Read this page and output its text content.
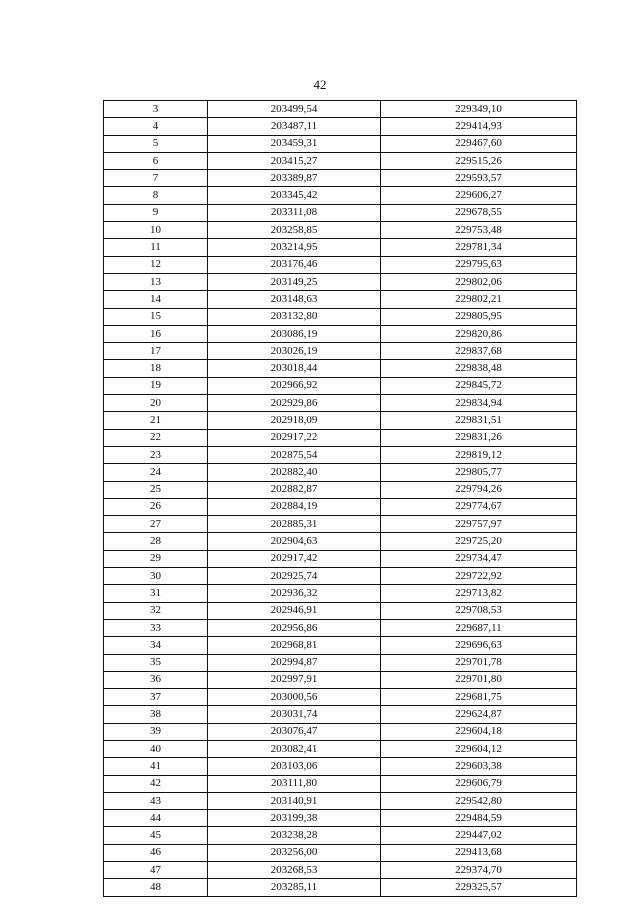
42
3	203499,54	229349,10
4	203487,11	229414,93
5	203459,31	229467,60
6	203415,27	229515,26
7	203389,87	229593,57
8	203345,42	229606,27
9	203311,08	229678,55
10	203258,85	229753,48
11	203214,95	229781,34
12	203176,46	229795,63
13	203149,25	229802,06
14	203148,63	229802,21
15	203132,80	229805,95
16	203086,19	229820,86
17	203026,19	229837,68
18	203018,44	229838,48
19	202966,92	229845,72
20	202929,86	229834,94
21	202918,09	229831,51
22	202917,22	229831,26
23	202875,54	229819,12
24	202882,40	229805,77
25	202882,87	229794,26
26	202884,19	229774,67
27	202885,31	229757,97
28	202904,63	229725,20
29	202917,42	229734,47
30	202925,74	229722,92
31	202936,32	229713,82
32	202946,91	229708,53
33	202956,86	229687,11
34	202968,81	229696,63
35	202994,87	229701,78
36	202997,91	229701,80
37	203000,56	229681,75
38	203031,74	229624,87
39	203076,47	229604,18
40	203082,41	229604,12
41	203103,06	229603,38
42	203111,80	229606,79
43	203140,91	229542,80
44	203199,38	229484,59
45	203238,28	229447,02
46	203256,00	229413,68
47	203268,53	229374,70
48	203285,11	229325,57
